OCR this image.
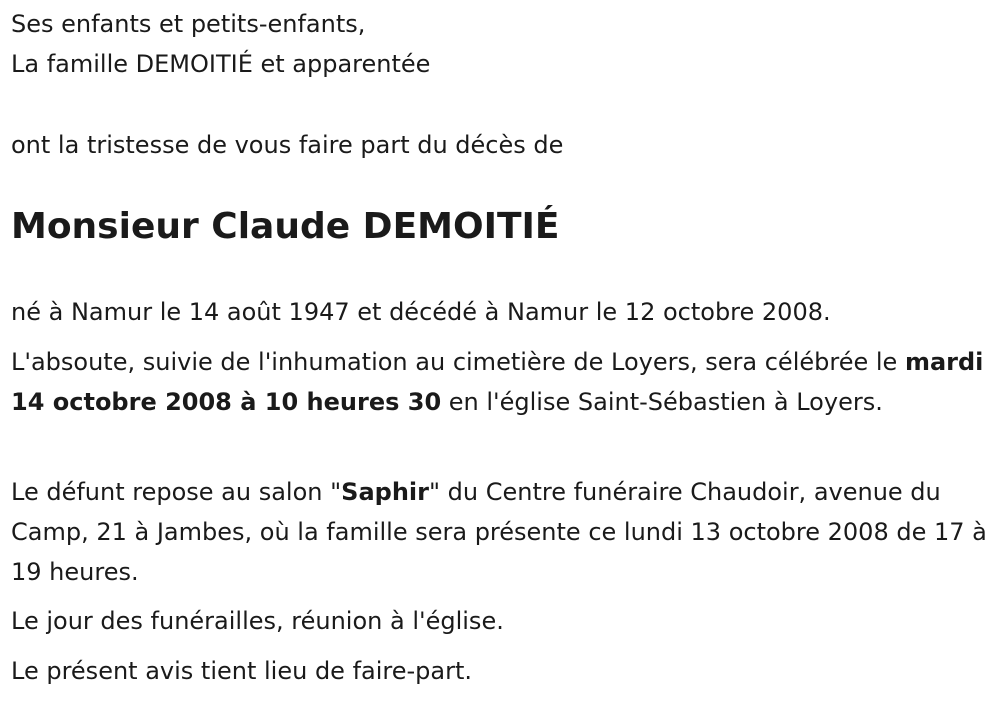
Ses enfants et petits-enfants,
La famille DEMOITIÉ et apparentée
ont la tristesse de vous faire part du décès de
Monsieur Claude DEMOITIÉ

né à Namur le 14 août 1947 et décédé à Namur le 12 octobre 2008.

L'absoute, suivie de l'inhumation au cimetière de Loyers, sera célébrée le mardi 14 octobre 2008 à 10 heures 30 en l'église Saint-Sébastien à Loyers.

Le défunt repose au salon "Saphir" du Centre funéraire Chaudoir, avenue du Camp, 21 à Jambes, où la famille sera présente ce lundi 13 octobre 2008 de 17 à 19 heures.

Le jour des funérailles, réunion à l'église.

Le présent avis tient lieu de faire-part.
